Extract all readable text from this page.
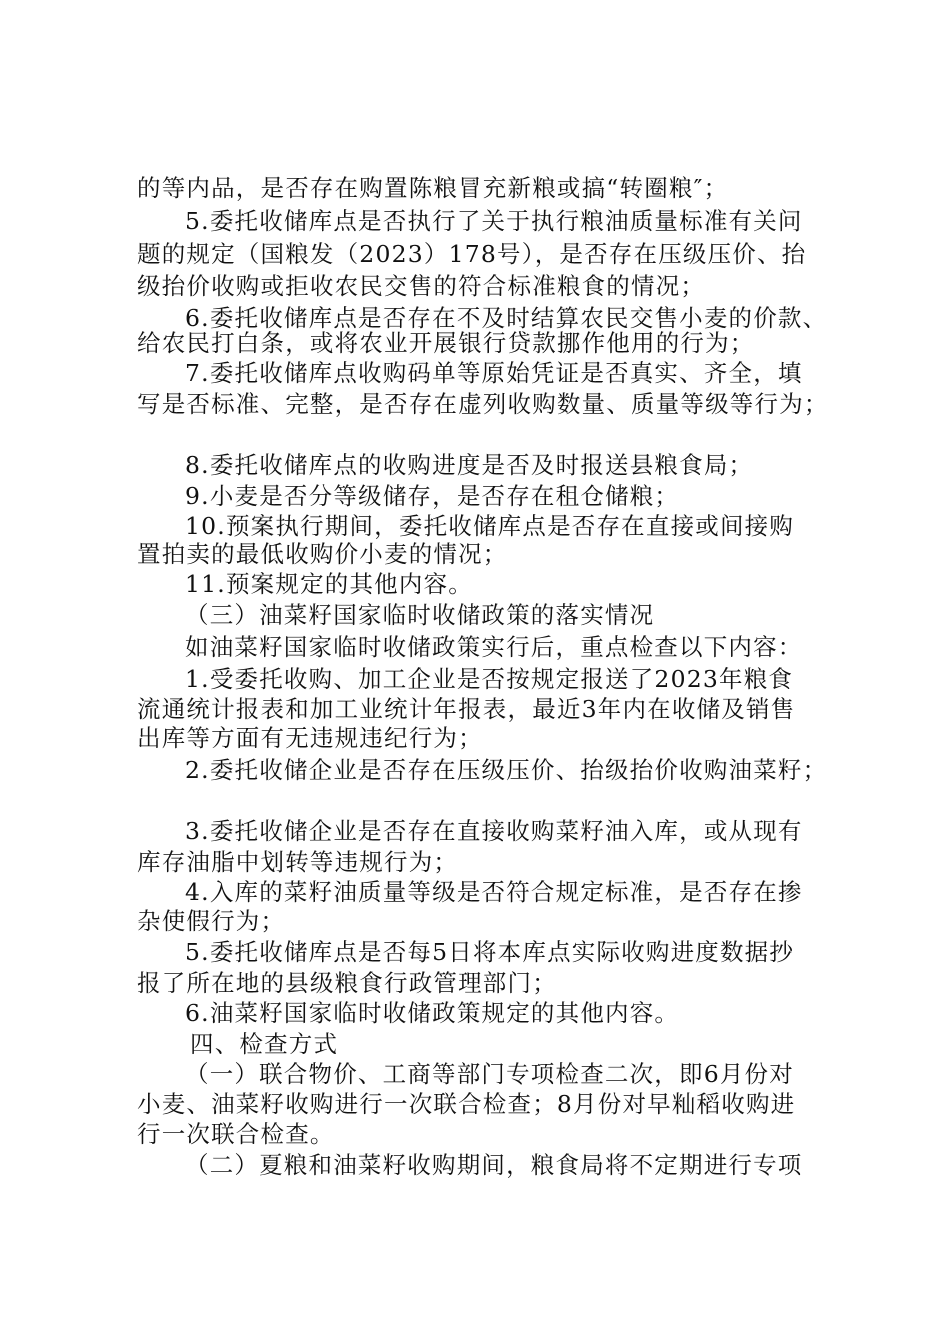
的等内品，是否存在购置陈粮冒充新粮或搞“转圈粮″；
5.委托收储库点是否执行了关于执行粮油质量标准有关问
题的规定（国粮发（2023）178号），是否存在压级压价、抬
级抬价收购或拒收农民交售的符合标准粮食的情况；
6.委托收储库点是否存在不及时结算农民交售小麦的价款、
给农民打白条，或将农业开展银行贷款挪作他用的行为；
7.委托收储库点收购码单等原始凭证是否真实、齐全，填
写是否标准、完整，是否存在虚列收购数量、质量等级等行为；
8.委托收储库点的收购进度是否及时报送县粮食局；
9.小麦是否分等级储存，是否存在租仓储粮；
10.预案执行期间，委托收储库点是否存在直接或间接购
置拍卖的最低收购价小麦的情况；
11.预案规定的其他内容。
（三）油菜籽国家临时收储政策的落实情况
如油菜籽国家临时收储政策实行后，重点检查以下内容：
1.受委托收购、加工企业是否按规定报送了2023年粮食
流通统计报表和加工业统计年报表，最近3年内在收储及销售
出库等方面有无违规违纪行为；
2.委托收储企业是否存在压级压价、抬级抬价收购油菜籽；
3.委托收储企业是否存在直接收购菜籽油入库，或从现有
库存油脂中划转等违规行为；
4.入库的菜籽油质量等级是否符合规定标准，是否存在掺
杂使假行为；
5.委托收储库点是否每5日将本库点实际收购进度数据抄
报了所在地的县级粮食行政管理部门；
6.油菜籽国家临时收储政策规定的其他内容。
四、检查方式
（一）联合物价、工商等部门专项检查二次，即6月份对
小麦、油菜籽收购进行一次联合检查；8月份对早籼稻收购进
行一次联合检查。
（二）夏粮和油菜籽收购期间，粮食局将不定期进行专项
